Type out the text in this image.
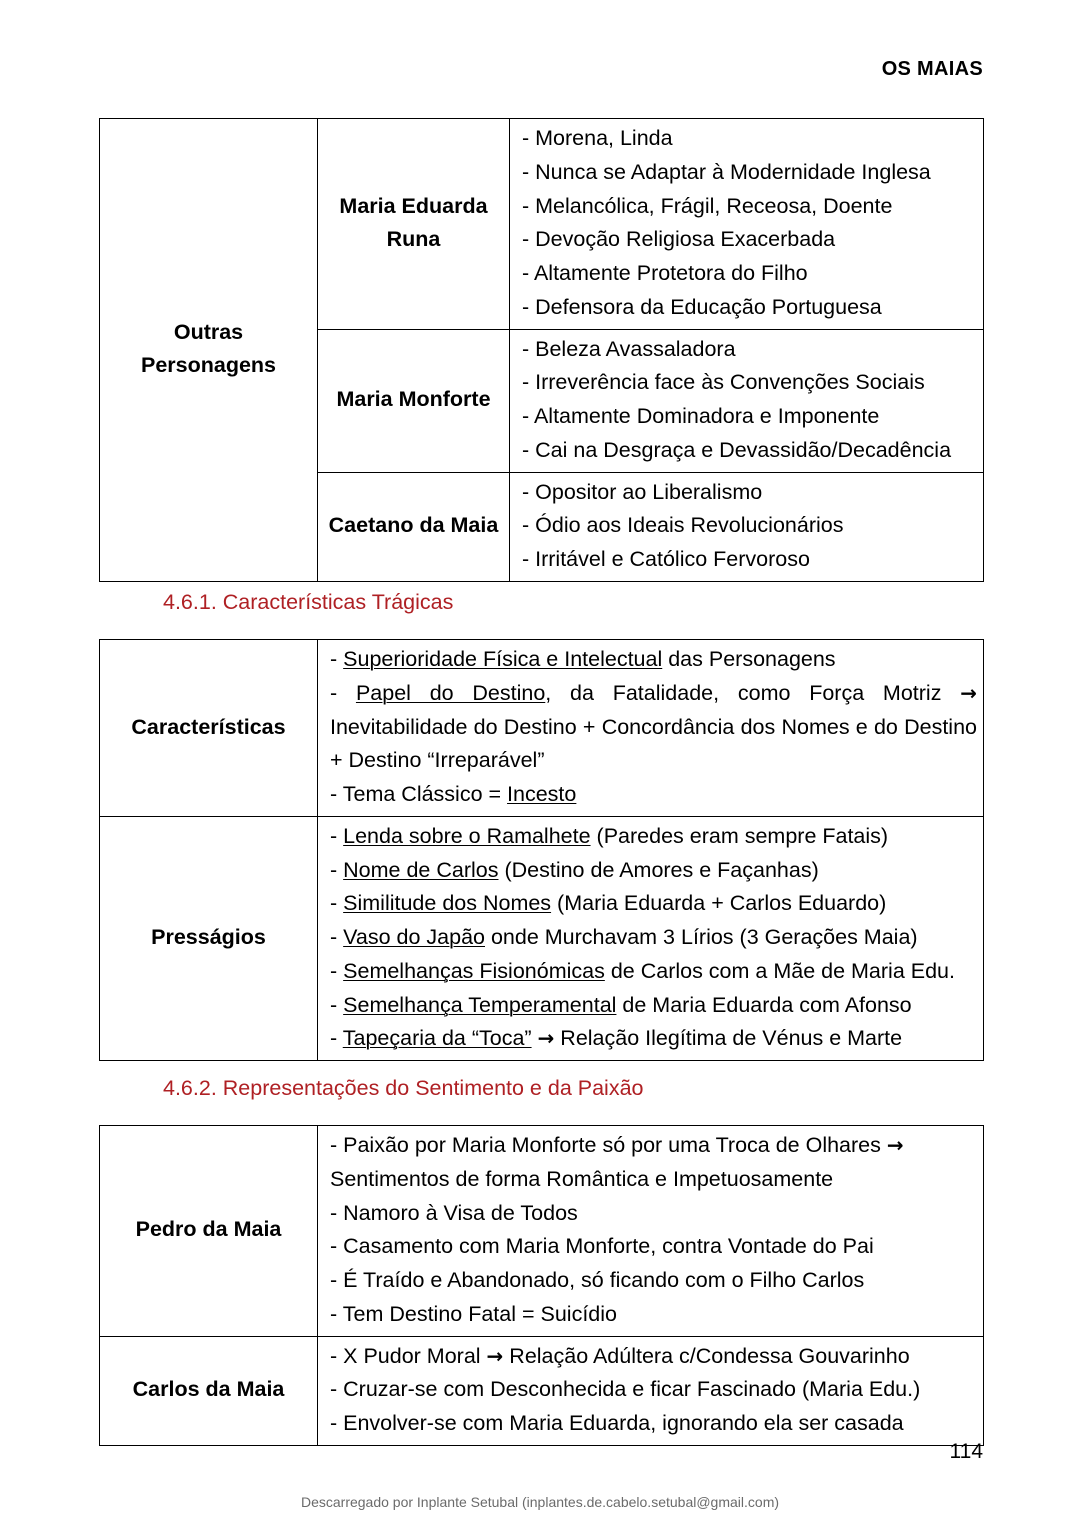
OS MAIAS
Outras Personagens	Maria Eduarda Runa	
- Morena, Linda
- Nunca se Adaptar à Modernidade Inglesa
- Melancólica, Frágil, Receosa, Doente
- Devoção Religiosa Exacerbada
- Altamente Protetora do Filho
- Defensora da Educação Portuguesa

	Maria Monforte	- Beleza Avassaladora
- Irreverência face às Convenções Sociais
- Altamente Dominadora e Imponente
- Cai na Desgraça e Devassidão/Decadência

	Caetano da Maia	- Opositor ao Liberalismo
- Ódio aos Ideais Revolucionários
- Irritável e Católico Fervoroso
4.6.1. Características Trágicas
Características	- Superioridade Física e Intelectual das Personagens
- Papel do Destino, da Fatalidade, como Força Motriz → Inevitabilidade do Destino + Concordância dos Nomes e do Destino + Destino “Irreparável”
- Tema Clássico = Incesto

Presságios	
- Lenda sobre o Ramalhete (Paredes eram sempre Fatais)
- Nome de Carlos (Destino de Amores e Façanhas)
- Similitude dos Nomes (Maria Eduarda + Carlos Eduardo)
- Vaso do Japão onde Murchavam 3 Lírios (3 Gerações Maia)
- Semelhanças Fisionómicas de Carlos com a Mãe de Maria Edu.
- Semelhança Temperamental de Maria Eduarda com Afonso
- Tapeçaria da “Toca” → Relação Ilegítima de Vénus e Marte
4.6.2. Representações do Sentimento e da Paixão
Pedro da Maia	
- Paixão por Maria Monforte só por uma Troca de Olhares →
Sentimentos de forma Romântica e Impetuosamente
- Namoro à Visa de Todos
- Casamento com Maria Monforte, contra Vontade do Pai
- É Traído e Abandonado, só ficando com o Filho Carlos
- Tem Destino Fatal = Suicídio

Carlos da Maia	- X Pudor Moral → Relação Adúltera c/Condessa Gouvarinho
- Cruzar-se com Desconhecida e ficar Fascinado (Maria Edu.)
- Envolver-se com Maria Eduarda, ignorando ela ser casada
114
Descarregado por Inplante Setubal (inplantes.de.cabelo.setubal@gmail.com)
